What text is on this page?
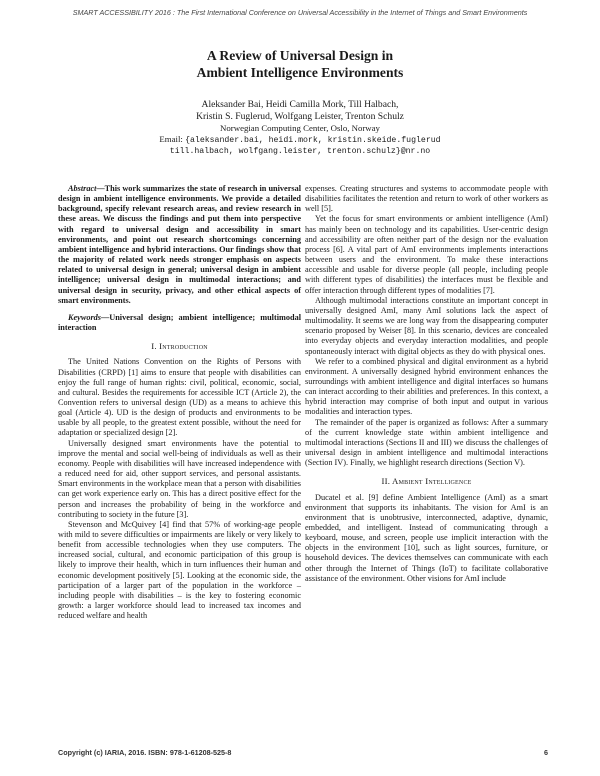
SMART ACCESSIBILITY 2016 : The First International Conference on Universal Accessibility in the Internet of Things and Smart Environments

A Review of Universal Design in

Ambient Intelligence Environments

Aleksander Bai, Heidi Camilla Mork, Till Halbach,
Kristin S. Fuglerud, Wolfgang Leister, Trenton Schulz
Norwegian Computing Center, Oslo, Norway
Email: {aleksander.bai, heidi.mork, kristin.skeide.fuglerud
till.halbach, wolfgang.leister, trenton.schulz}@nr.no

Abstract—This work summarizes the state of research in universal design in ambient intelligence environments. We provide a detailed background, specify relevant research areas, and review research in these areas. We discuss the findings and put them into perspective with regard to universal design and accessibility in smart environments, and point out research shortcomings concerning ambient intelligence and hybrid interactions. Our findings show that the majority of related work needs stronger emphasis on aspects related to universal design in general; universal design in ambient intelligence; universal design in multimodal interactions; and universal design in security, privacy, and other ethical aspects of smart environments.

Keywords—Universal design; ambient intelligence; multimodal interaction

I. Introduction

The United Nations Convention on the Rights of Persons with Disabilities (CRPD) [1] aims to ensure that people with disabilities can enjoy the full range of human rights: civil, political, economic, social, and cultural. Besides the requirements for accessible ICT (Article 2), the Convention refers to universal design (UD) as a means to achieve this goal (Article 4). UD is the design of products and environments to be usable by all people, to the greatest extent possible, without the need for adaptation or specialized design [2].

Universally designed smart environments have the potential to improve the mental and social well-being of individuals as well as their economy. People with disabilities will have increased independence with a reduced need for aid, other support services, and personal assistants. Smart environments in the workplace mean that a person with disabilities can get work experience early on. This has a direct positive effect for the person and increases the probability of being in the workforce and contributing to society in the future [3].

Stevenson and McQuivey [4] find that 57% of working-age people with mild to severe difficulties or impairments are likely or very likely to benefit from accessible technologies when they use computers. The increased social, cultural, and economic participation of this group is likely to improve their health, which in turn influences their human and economic development positively [5]. Looking at the economic side, the participation of a larger part of the population in the workforce – including people with disabilities – is the key to fostering economic growth: a larger workforce should lead to increased tax incomes and reduced welfare and health

expenses. Creating structures and systems to accommodate people with disabilities facilitates the retention and return to work of other workers as well [5].

Yet the focus for smart environments or ambient intelligence (AmI) has mainly been on technology and its capabilities. User-centric design and accessibility are often neither part of the design nor the evaluation process [6]. A vital part of AmI environments implements interactions between users and the environment. To make these interactions accessible and usable for diverse people (all people, including people with different types of disabilities) the interfaces must be flexible and offer interaction through different types of modalities [7].

Although multimodal interactions constitute an important concept in universally designed AmI, many AmI solutions lack the aspect of multimodality. It seems we are long way from the disappearing computer scenario proposed by Weiser [8]. In this scenario, devices are concealed into everyday objects and everyday interaction modalities, and people spontaneously interact with digital objects as they do with physical ones.

We refer to a combined physical and digital environment as a hybrid environment. A universally designed hybrid environment enhances the surroundings with ambient intelligence and digital interfaces so humans can interact according to their abilities and preferences. In this context, a hybrid interaction may comprise of both input and output in various modalities and interaction types.

The remainder of the paper is organized as follows: After a summary of the current knowledge state within ambient intelligence and multimodal interactions (Sections II and III) we discuss the challenges of universal design in ambient intelligence and multimodal interactions (Section IV). Finally, we highlight research directions (Section V).

II. Ambient Intelligence

Ducatel et al. [9] define Ambient Intelligence (AmI) as a smart environment that supports its inhabitants. The vision for AmI is an environment that is unobtrusive, interconnected, adaptive, dynamic, embedded, and intelligent. Instead of communicating through a keyboard, mouse, and screen, people use implicit interaction with the objects in the environment [10], such as light sources, furniture, or household devices. The devices themselves can communicate with each other through the Internet of Things (IoT) to facilitate collaborative assistance of the environment. Other visions for AmI include

Copyright (c) IARIA, 2016. ISBN: 978-1-61208-525-8	6
